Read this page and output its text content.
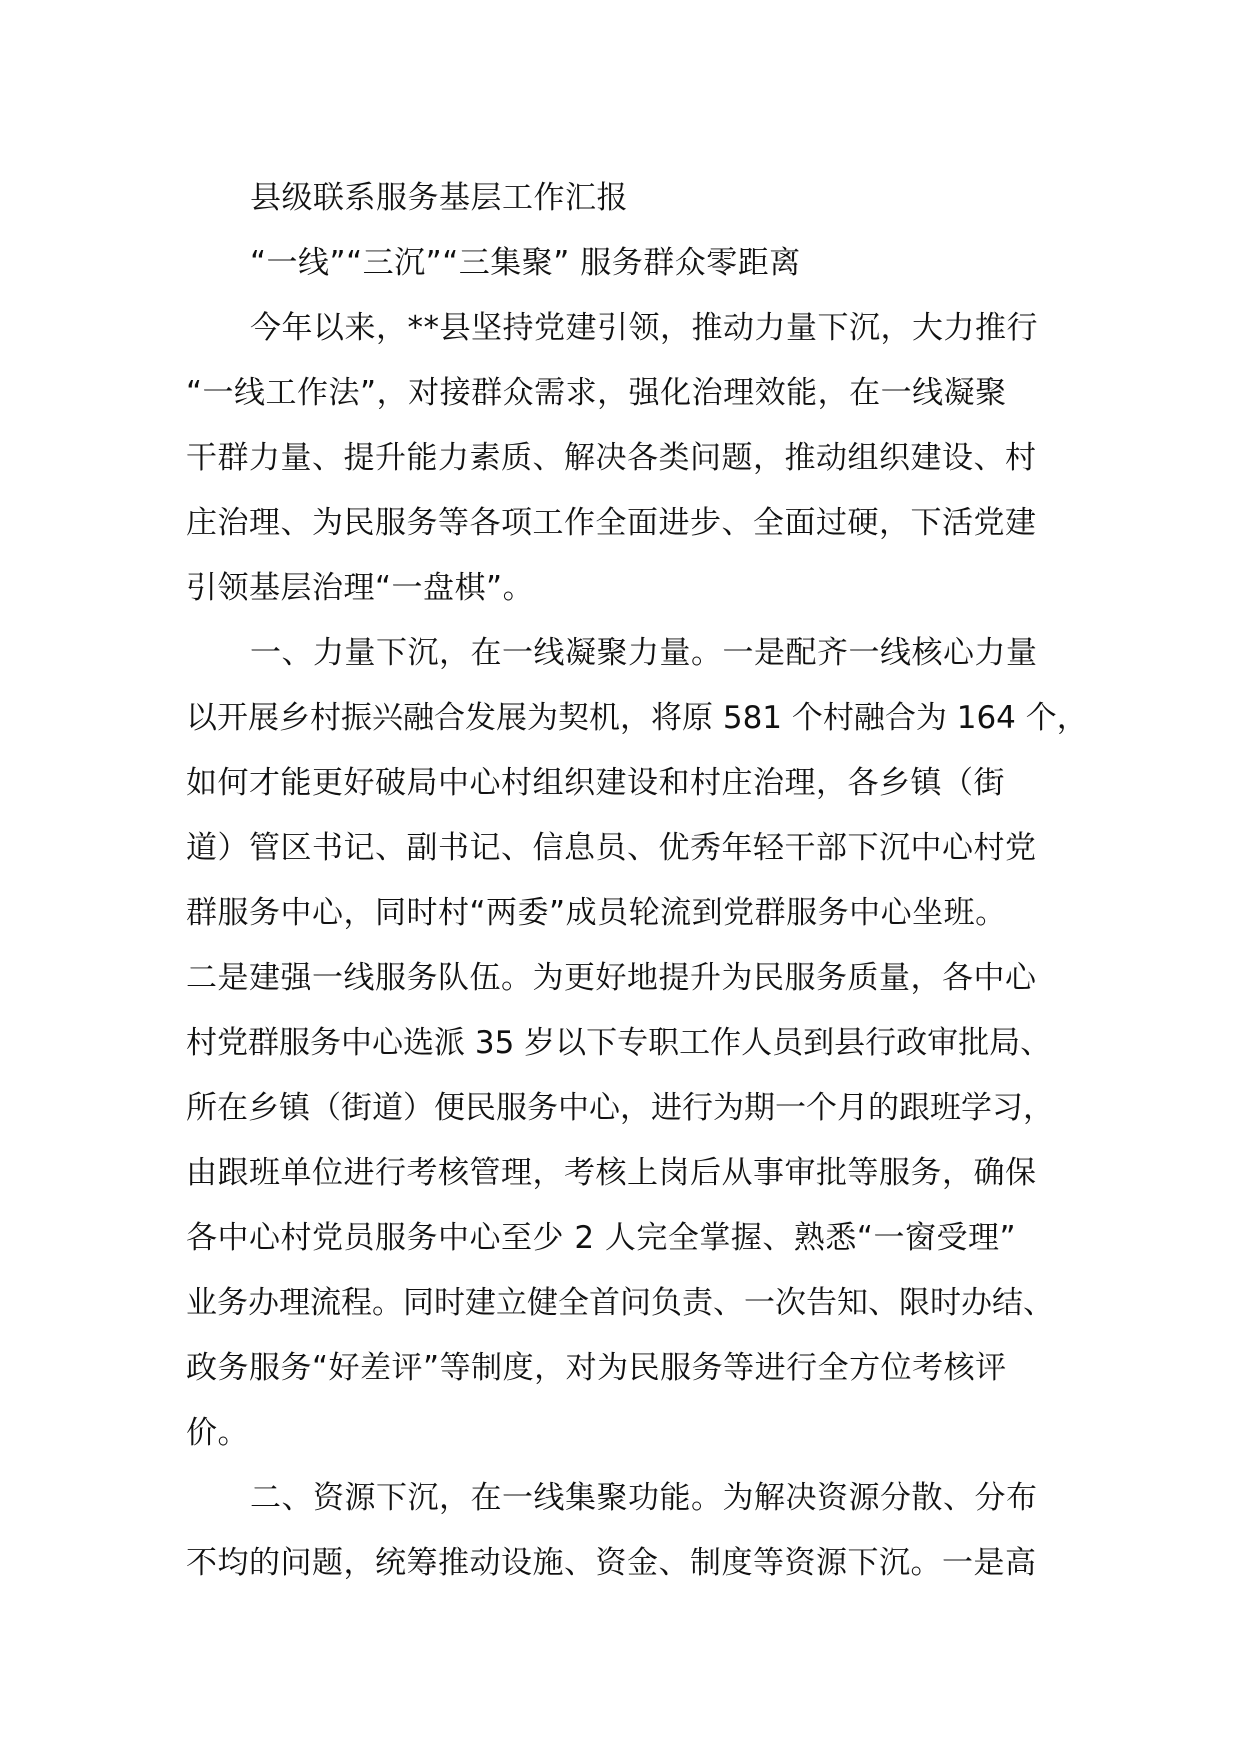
县级联系服务基层工作汇报
“一线”“三沉”“三集聚” 服务群众零距离
今年以来，**县坚持党建引领，推动力量下沉，大力推行
“一线工作法”，对接群众需求，强化治理效能，在一线凝聚
干群力量、提升能力素质、解决各类问题，推动组织建设、村
庄治理、为民服务等各项工作全面进步、全面过硬，下活党建
引领基层治理“一盘棋”。
一、力量下沉，在一线凝聚力量。一是配齐一线核心力量
以开展乡村振兴融合发展为契机，将原 581 个村融合为 164 个，
如何才能更好破局中心村组织建设和村庄治理，各乡镇（街
道）管区书记、副书记、信息员、优秀年轻干部下沉中心村党
群服务中心，同时村“两委”成员轮流到党群服务中心坐班。
二是建强一线服务队伍。为更好地提升为民服务质量，各中心
村党群服务中心选派 35 岁以下专职工作人员到县行政审批局、
所在乡镇（街道）便民服务中心，进行为期一个月的跟班学习，
由跟班单位进行考核管理，考核上岗后从事审批等服务，确保
各中心村党员服务中心至少 2 人完全掌握、熟悉“一窗受理”
业务办理流程。同时建立健全首问负责、一次告知、限时办结、
政务服务“好差评”等制度，对为民服务等进行全方位考核评
价。
二、资源下沉，在一线集聚功能。为解决资源分散、分布
不均的问题，统筹推动设施、资金、制度等资源下沉。一是高
